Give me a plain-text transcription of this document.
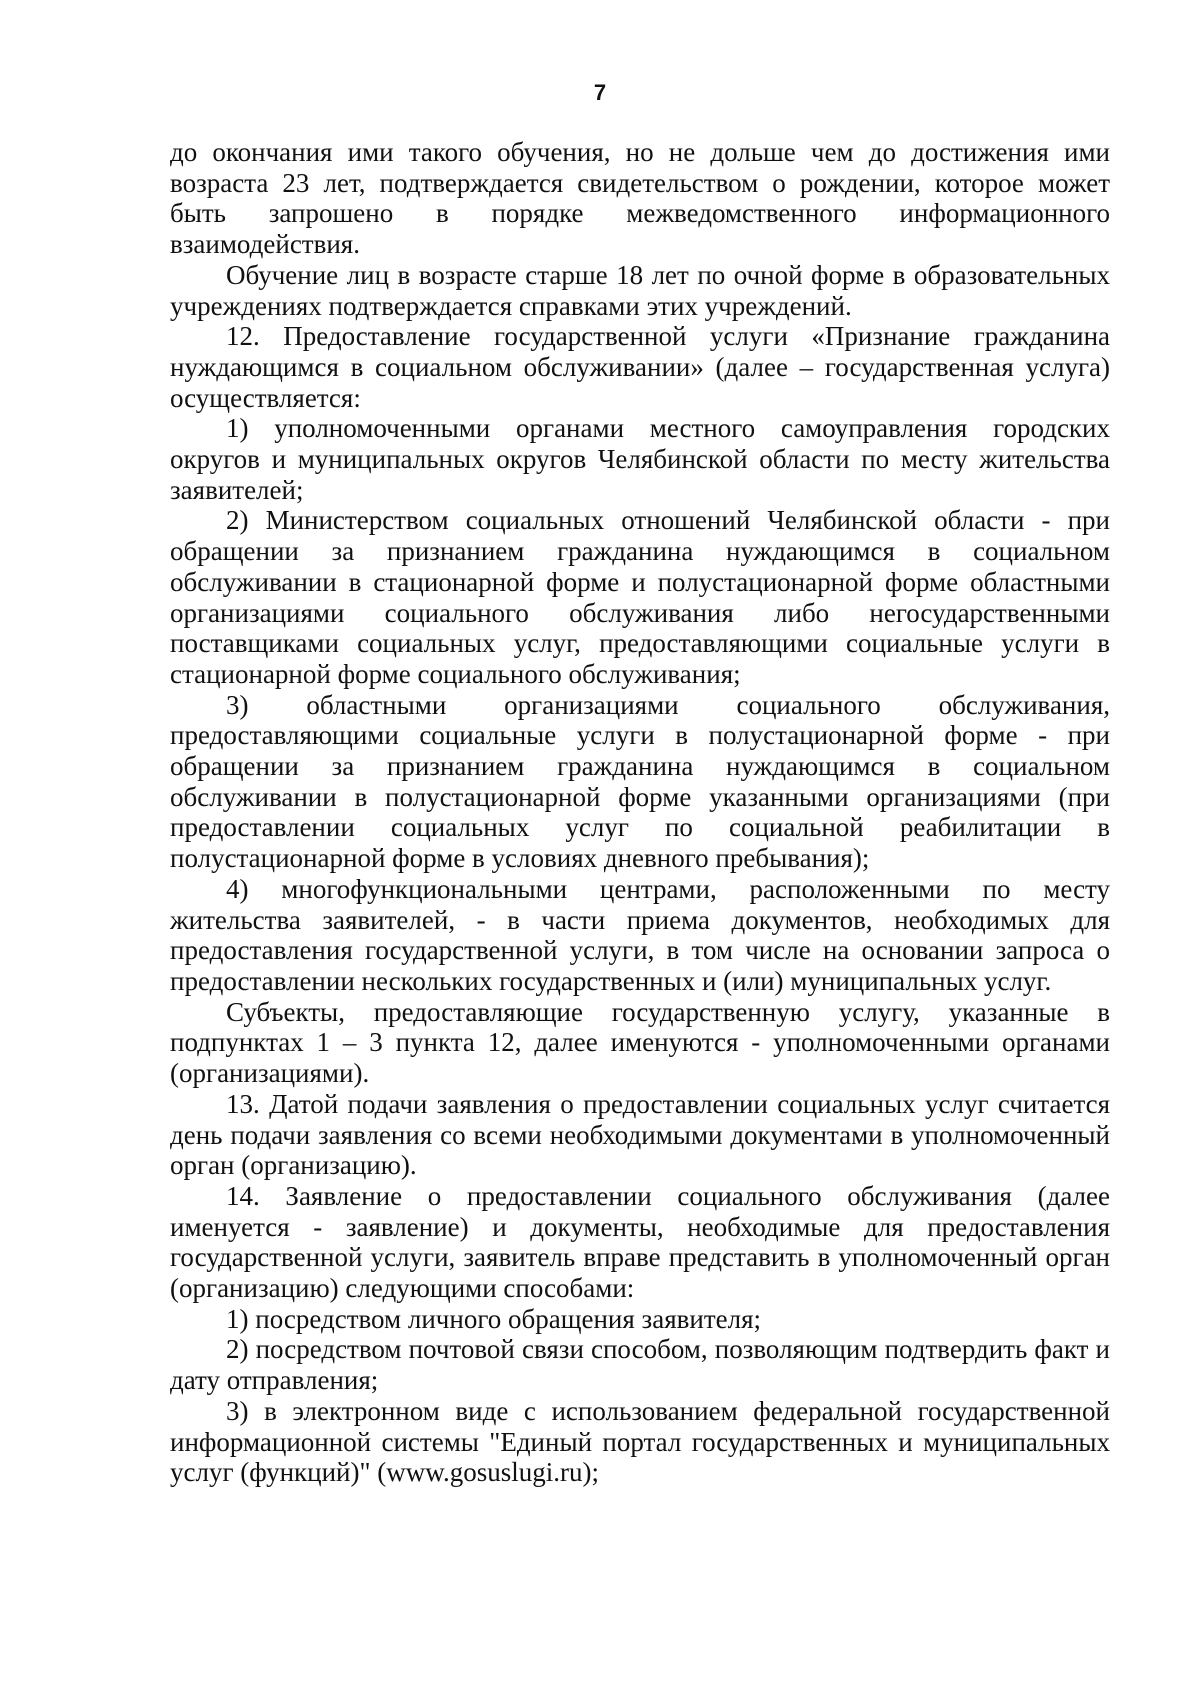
7

до окончания ими такого обучения, но не дольше чем до достижения ими возраста 23 лет, подтверждается свидетельством о рождении, которое может быть запрошено в порядке межведомственного информационного взаимодействия.

Обучение лиц в возрасте старше 18 лет по очной форме в образовательных учреждениях подтверждается справками этих учреждений.

12. Предоставление государственной услуги «Признание гражданина нуждающимся в социальном обслуживании» (далее – государственная услуга) осуществляется:

1) уполномоченными органами местного самоуправления городских округов и муниципальных округов Челябинской области по месту жительства заявителей;

2) Министерством социальных отношений Челябинской области - при обращении за признанием гражданина нуждающимся в социальном обслуживании в стационарной форме и полустационарной форме областными организациями социального обслуживания либо негосударственными поставщиками социальных услуг, предоставляющими социальные услуги в стационарной форме социального обслуживания;

3) областными организациями социального обслуживания, предоставляющими социальные услуги в полустационарной форме - при обращении за признанием гражданина нуждающимся в социальном обслуживании в полустационарной форме указанными организациями (при предоставлении социальных услуг по социальной реабилитации в полустационарной форме в условиях дневного пребывания);

4) многофункциональными центрами, расположенными по месту жительства заявителей, - в части приема документов, необходимых для предоставления государственной услуги, в том числе на основании запроса о предоставлении нескольких государственных и (или) муниципальных услуг.

Субъекты, предоставляющие государственную услугу, указанные в подпунктах 1 – 3 пункта 12, далее именуются - уполномоченными органами (организациями).

13. Датой подачи заявления о предоставлении социальных услуг считается день подачи заявления со всеми необходимыми документами в уполномоченный орган (организацию).

14. Заявление о предоставлении социального обслуживания (далее именуется - заявление) и документы, необходимые для предоставления государственной услуги, заявитель вправе представить в уполномоченный орган (организацию) следующими способами:

1) посредством личного обращения заявителя;

2) посредством почтовой связи способом, позволяющим подтвердить факт и дату отправления;

3) в электронном виде с использованием федеральной государственной информационной системы "Единый портал государственных и муниципальных услуг (функций)" (www.gosuslugi.ru);
